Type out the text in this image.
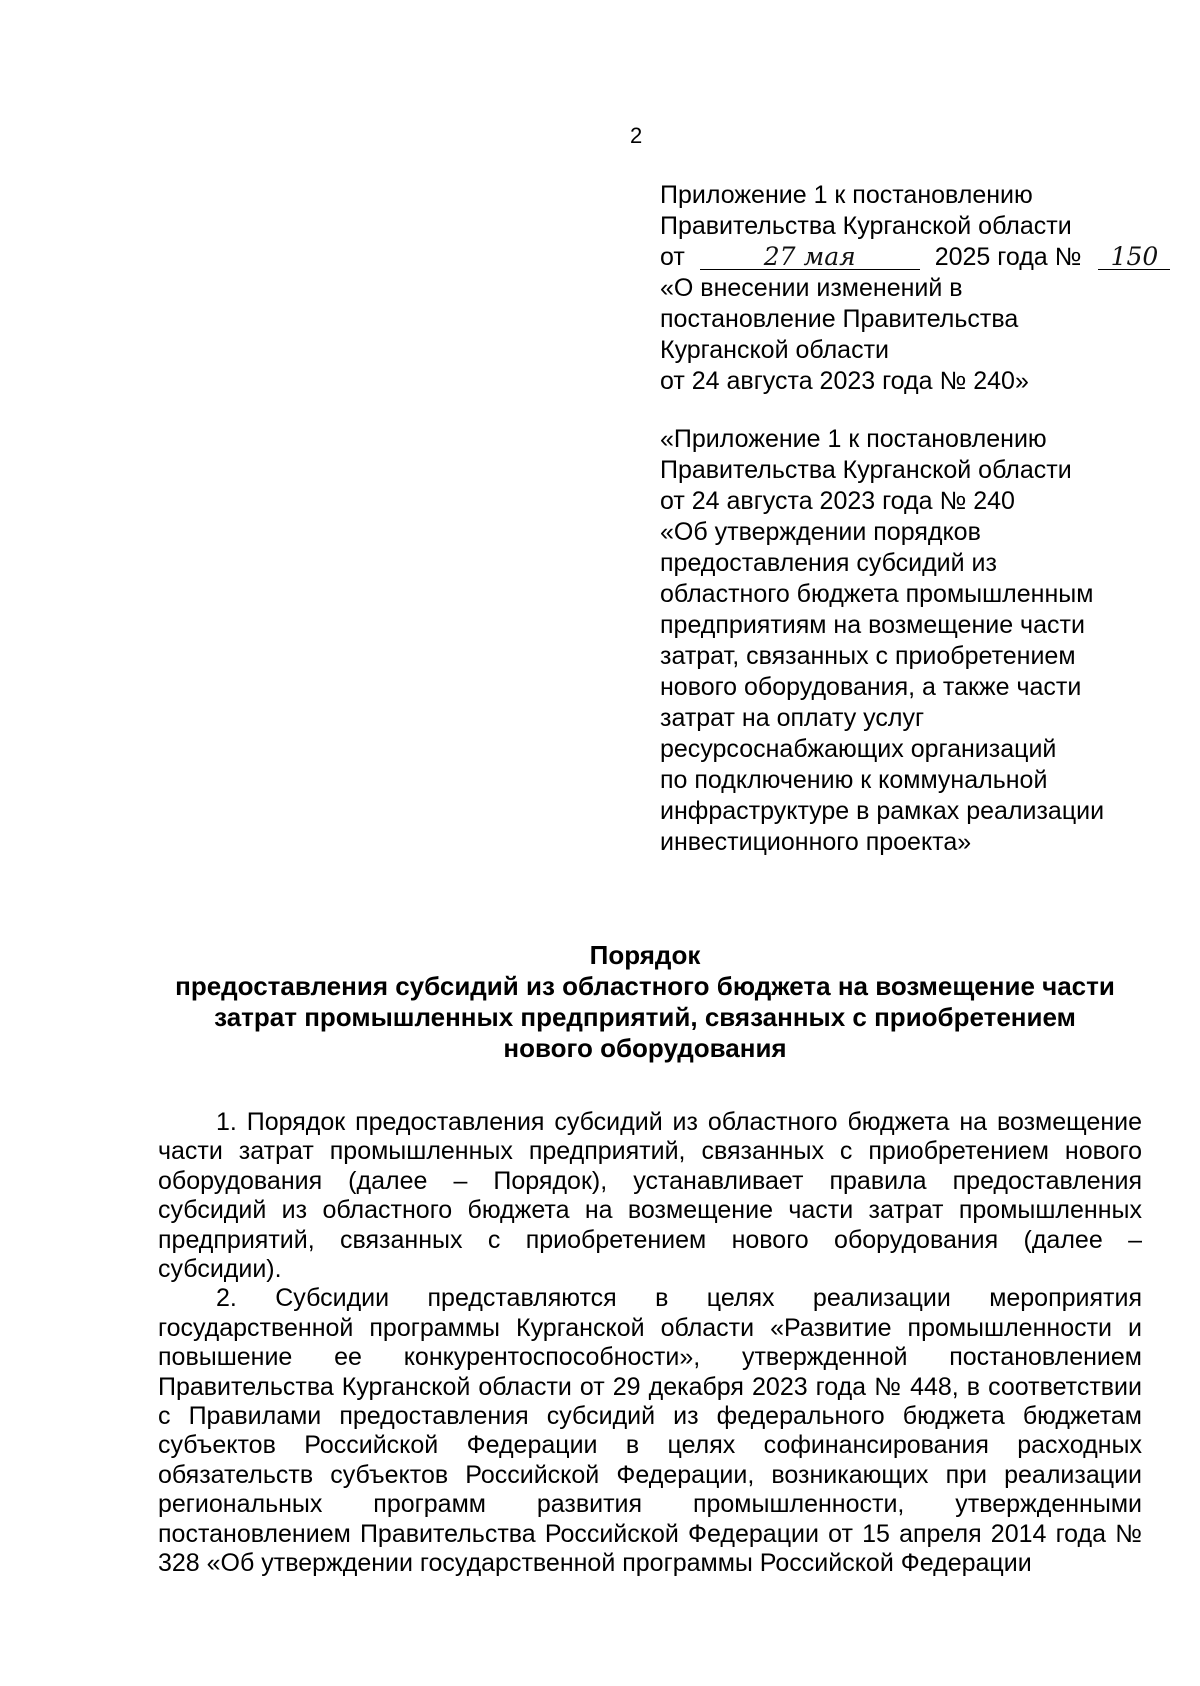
2
Приложение 1 к постановлению
Правительства Курганской области
от	27 мая	2025 года № 150
«О внесении изменений в
постановление Правительства
Курганской области
от 24 августа 2023 года № 240»
«Приложение 1 к постановлению
Правительства Курганской области
от 24 августа 2023 года № 240
«Об утверждении порядков
предоставления субсидий из
областного бюджета промышленным
предприятиям на возмещение части
затрат, связанных с приобретением
нового оборудования, а также части
затрат на оплату услуг
ресурсоснабжающих организаций
по подключению к коммунальной
инфраструктуре в рамках реализации
инвестиционного проекта»
Порядок
предоставления субсидий из областного бюджета на возмещение части
затрат промышленных предприятий, связанных с приобретением
нового оборудования

1. Порядок предоставления субсидий из областного бюджета на возмещение части затрат промышленных предприятий, связанных с приобретением нового оборудования (далее – Порядок), устанавливает правила предоставления субсидий из областного бюджета на возмещение части затрат промышленных предприятий, связанных с приобретением нового оборудования (далее – субсидии).

2. Субсидии представляются в целях реализации мероприятия государственной программы Курганской области «Развитие промышленности и повышение ее конкурентоспособности», утвержденной постановлением Правительства Курганской области от 29 декабря 2023 года № 448, в соответствии с Правилами предоставления субсидий из федерального бюджета бюджетам субъектов Российской Федерации в целях софинансирования расходных обязательств субъектов Российской Федерации, возникающих при реализации региональных программ развития промышленности, утвержденными постановлением Правительства Российской Федерации от 15 апреля 2014 года № 328 «Об утверждении государственной программы Российской Федерации
